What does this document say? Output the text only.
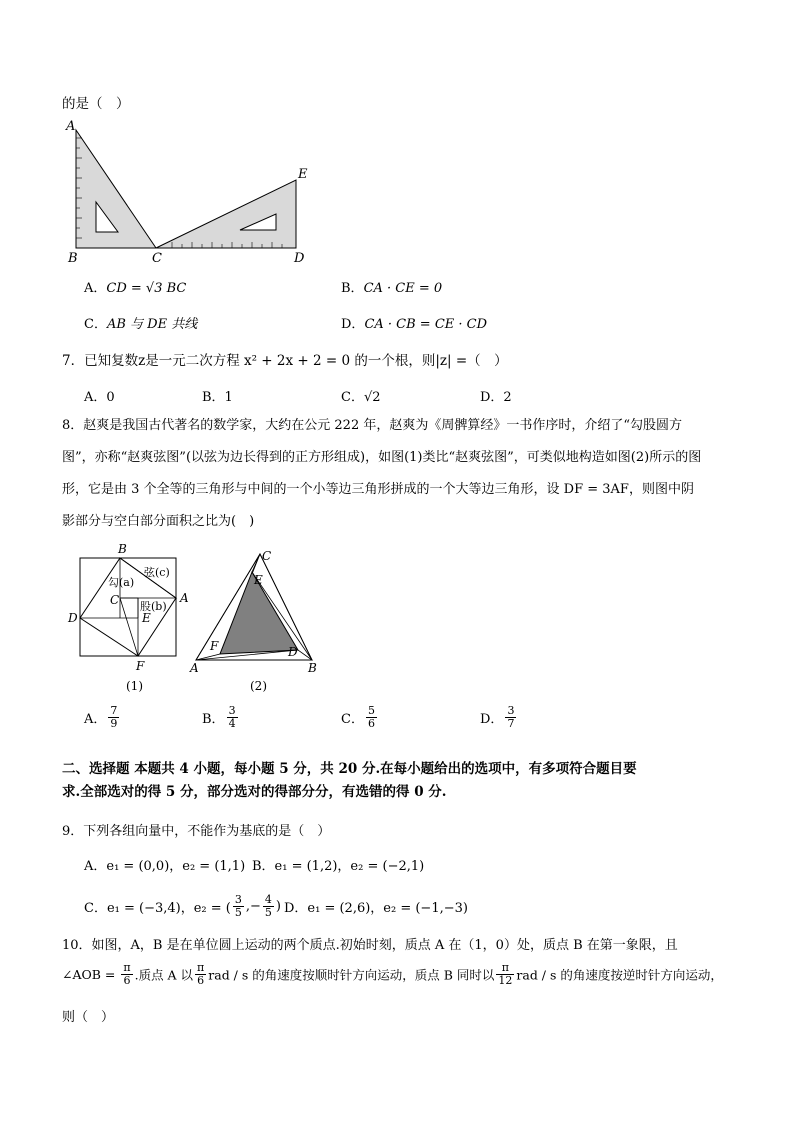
的是（　）
A
B	C	D
E
A．CD = √3 BC	B．CA · CE = 0
C．AB 与 DE 共线	D．CA · CB = CE · CD
7．已知复数z是一元二次方程 x² + 2x + 2 = 0 的一个根，则|z| =（　）
A．0	B．1	C．√2	D．2
8．赵爽是我国古代著名的数学家，大约在公元 222 年，赵爽为《周髀算经》一书作序时，介绍了“勾股圆方
图”，亦称“赵爽弦图”(以弦为边长得到的正方形组成)，如图(1)类比“赵爽弦图”，可类似地构造如图(2)所示的图
形，它是由 3 个全等的三角形与中间的一个小等边三角形拼成的一个大等边三角形，设 DF = 3AF，则图中阴
影部分与空白部分面积之比为(　)
B
A
C
D	E
F
勾(a)
弦(c)
股(b)
(1)
C
E
F	D
A	B
(2)
A． $\frac{7}{9}$	B． $\frac{3}{4}$	C． $\frac{5}{6}$	D． $\frac{3}{7}$
二、选择题 本题共 4 小题，每小题 5 分，共 20 分.在每小题给出的选项中，有多项符合题目要
求.全部选对的得 5 分，部分选对的得部分分，有选错的得 0 分.
9．下列各组向量中，不能作为基底的是（　）
A．e₁ = (0,0)，e₂ = (1,1) B．e₁ = (1,2)，e₂ = (−2,1)
C．e₁ = (−3,4)，e₂ = ( $\frac{3}{5}$ ,− $\frac{4}{5}$ ) D．e₁ = (2,6)，e₂ = (−1,−3)
10．如图，A，B 是在单位圆上运动的两个质点.初始时刻，质点 A 在（1，0）处，质点 B 在第一象限，且
∠AOB = $\frac{\pi}{6}$ .质点 A 以 $\frac{\pi}{6}$ rad / s 的角速度按顺时针方向运动，质点 B 同时以 $\frac{\pi}{12}$ rad / s 的角速度按逆时针方向运动，
则（　）
